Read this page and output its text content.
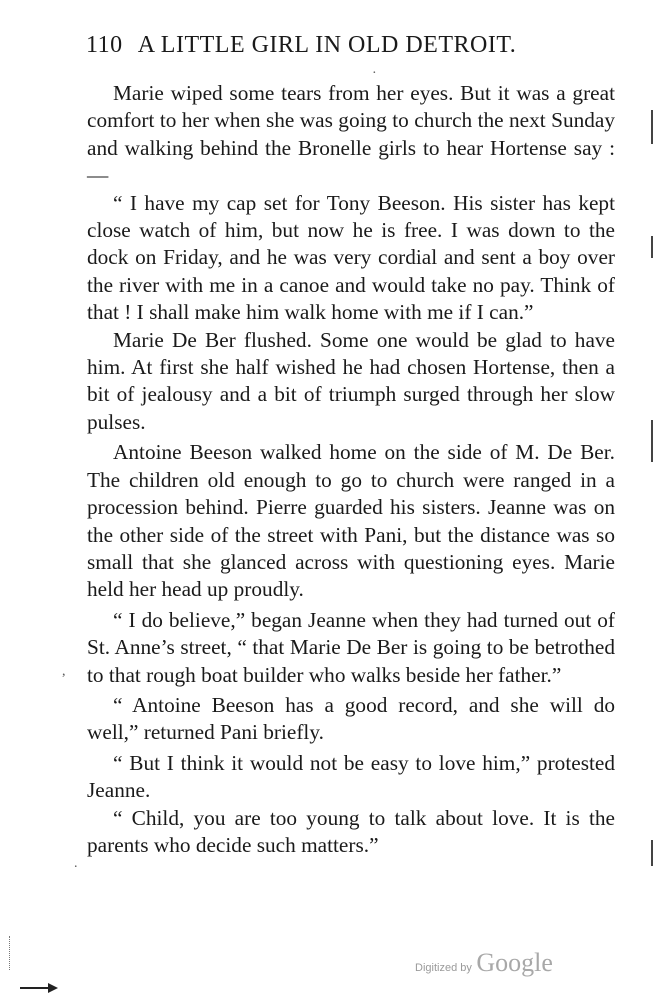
110 A LITTLE GIRL IN OLD DETROIT.

Marie wiped some tears from her eyes. But it was a great comfort to her when she was going to church the next Sunday and walking behind the Bronelle girls to hear Hortense say : —

“ I have my cap set for Tony Beeson. His sister has kept close watch of him, but now he is free. I was down to the dock on Friday, and he was very cordial and sent a boy over the river with me in a canoe and would take no pay. Think of that ! I shall make him walk home with me if I can.”

Marie De Ber flushed. Some one would be glad to have him. At first she half wished he had chosen Hortense, then a bit of jealousy and a bit of triumph surged through her slow pulses.

Antoine Beeson walked home on the side of M. De Ber. The children old enough to go to church were ranged in a procession behind. Pierre guarded his sisters. Jeanne was on the other side of the street with Pani, but the distance was so small that she glanced across with questioning eyes. Marie held her head up proudly.

“ I do believe,” began Jeanne when they had turned out of St. Anne’s street, “ that Marie De Ber is going to be betrothed to that rough boat builder who walks beside her father.”

“ Antoine Beeson has a good record, and she will do well,” returned Pani briefly.

“ But I think it would not be easy to love him,” protested Jeanne.

“ Child, you are too young to talk about love. It is the parents who decide such matters.”

Digitized by Google
·
,
.
